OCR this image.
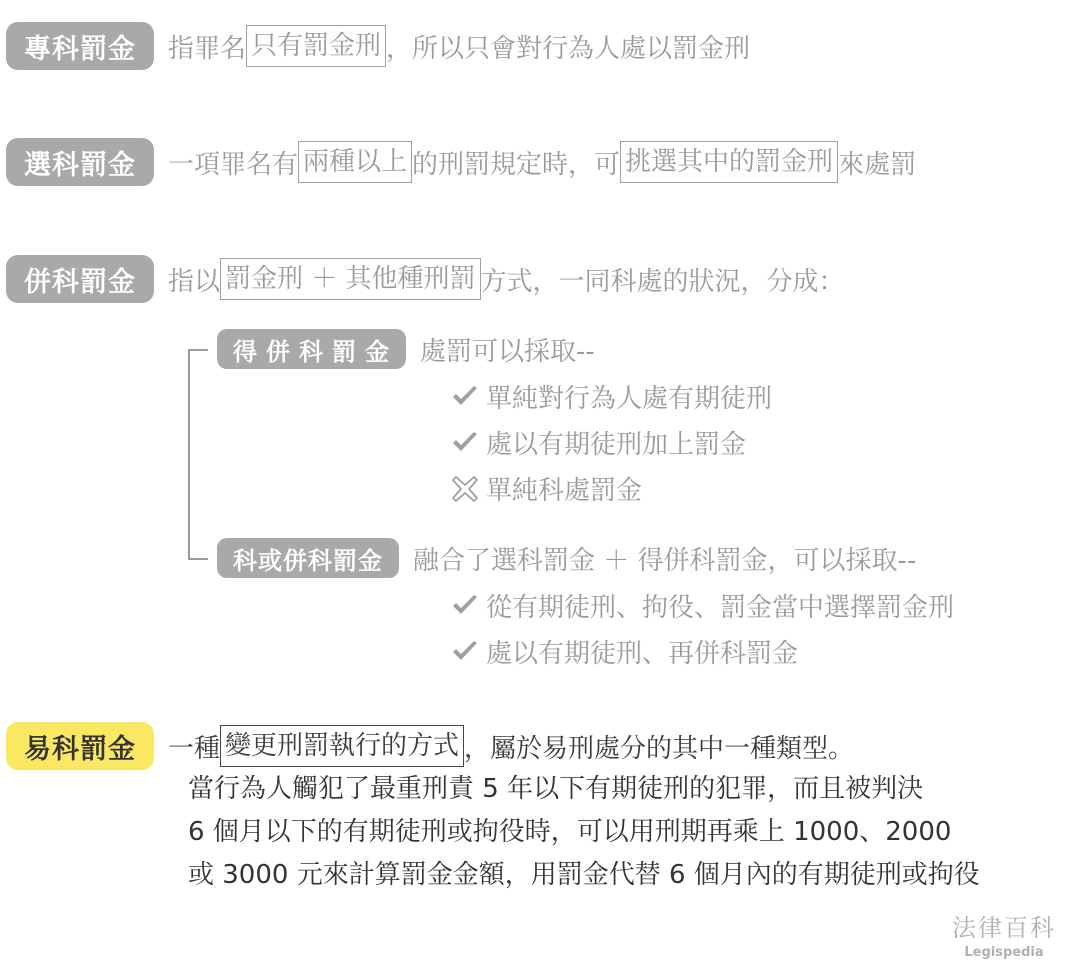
專科罰金	指罪名 只有罰金刑 ，所以只會對行為人處以罰金刑
選科罰金	一項罪名有 兩種以上 的刑罰規定時，可 挑選其中的罰金刑 來處罰
併科罰金	指以 罰金刑 ＋ 其他種刑罰 方式，一同科處的狀況，分成：
得併科罰金 處罰可以採取--
單純對行為人處有期徒刑
處以有期徒刑加上罰金
單純科處罰金
科或併科罰金	融合了選科罰金 ＋ 得併科罰金，可以採取--
從有期徒刑、拘役、罰金當中選擇罰金刑
處以有期徒刑、再併科罰金
易科罰金	一種 變更刑罰執行的方式 ，屬於易刑處分的其中一種類型。
當行為人觸犯了最重刑責 5 年以下有期徒刑的犯罪，而且被判決
6 個月以下的有期徒刑或拘役時，可以用刑期再乘上 1000、2000
或 3000 元來計算罰金金額，用罰金代替 6 個月內的有期徒刑或拘役
法律百科
Legispedia
